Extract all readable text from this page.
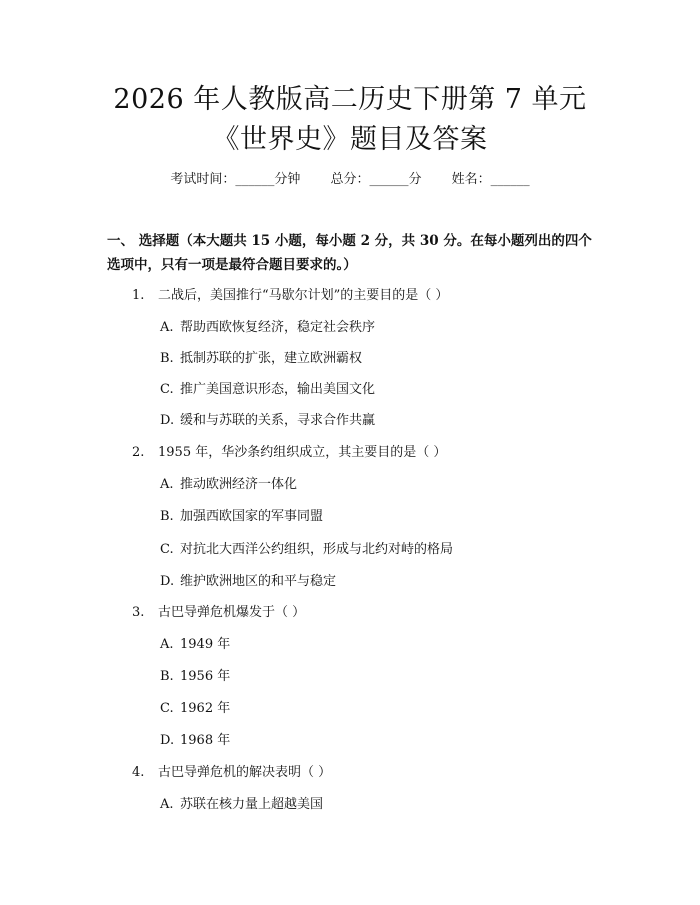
2026 年人教版高二历史下册第 7 单元《世界史》题目及答案
考试时间：______分钟 总分：______分 姓名：______

一、 选择题（本大题共 15 小题，每小题 2 分，共 30 分。在每小题列出的四个选项中，只有一项是最符合题目要求的。）

1. 二战后，美国推行“马歇尔计划”的主要目的是（ ）
A. 帮助西欧恢复经济，稳定社会秩序
B. 抵制苏联的扩张，建立欧洲霸权
C. 推广美国意识形态，输出美国文化
D. 缓和与苏联的关系，寻求合作共赢
2. 1955 年，华沙条约组织成立，其主要目的是（ ）
A. 推动欧洲经济一体化
B. 加强西欧国家的军事同盟
C. 对抗北大西洋公约组织，形成与北约对峙的格局
D. 维护欧洲地区的和平与稳定
3. 古巴导弹危机爆发于（ ）
A. 1949 年
B. 1956 年
C. 1962 年
D. 1968 年
4. 古巴导弹危机的解决表明（ ）
A. 苏联在核力量上超越美国
